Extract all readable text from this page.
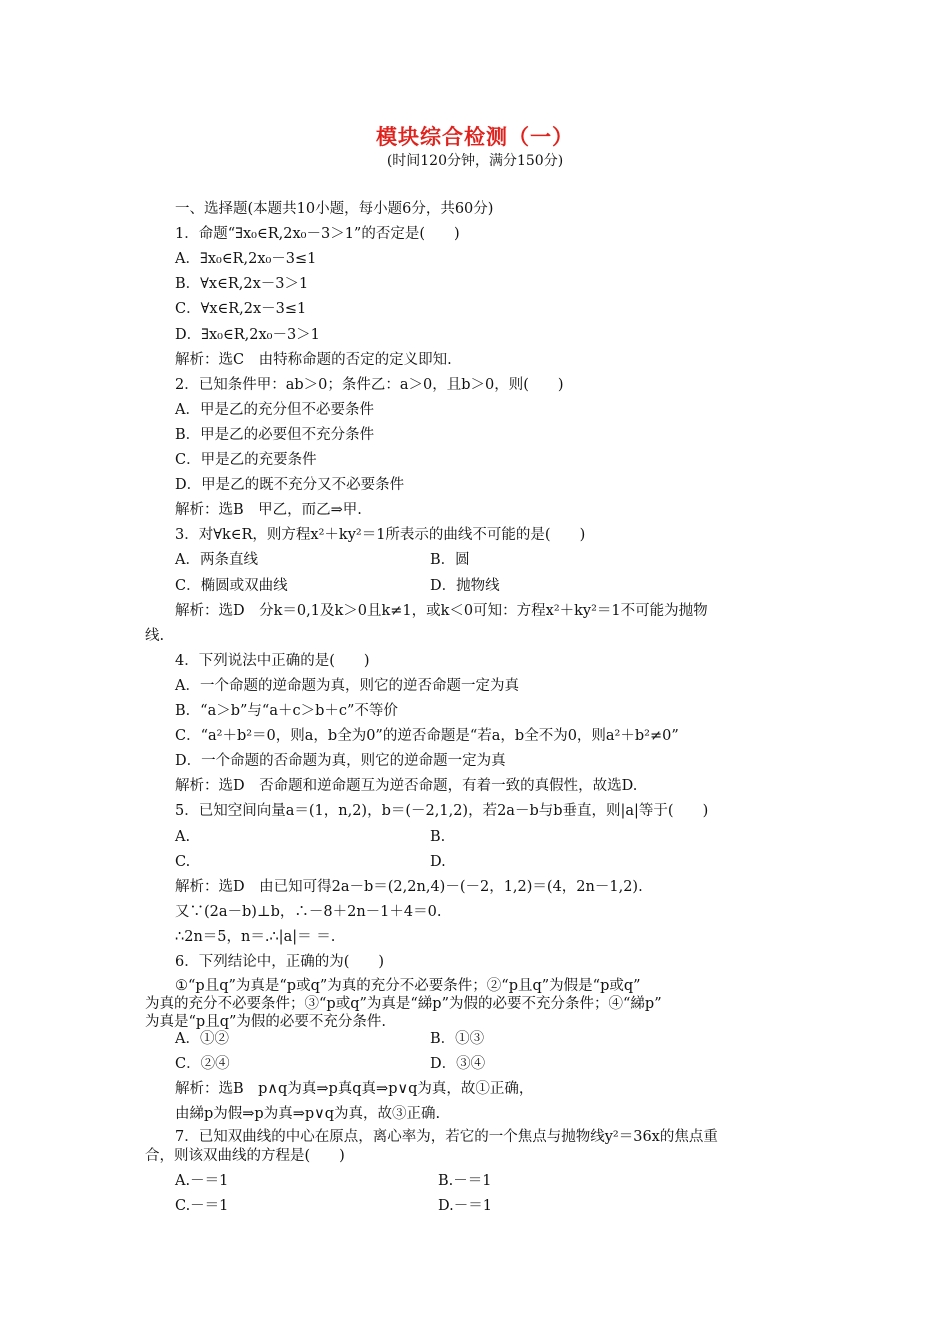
模块综合检测（一）
(时间120分钟，满分150分)
一、选择题(本题共10小题，每小题6分，共60分)
1．命题“∃x₀∈R,2x₀－3＞1”的否定是(　　)
A．∃x₀∈R,2x₀－3≤1
B．∀x∈R,2x－3＞1
C．∀x∈R,2x－3≤1
D．∃x₀∈R,2x₀－3＞1
解析：选C　由特称命题的否定的定义即知.
2．已知条件甲：ab＞0；条件乙：a＞0，且b＞0，则(　　)
A．甲是乙的充分但不必要条件
B．甲是乙的必要但不充分条件
C．甲是乙的充要条件
D．甲是乙的既不充分又不必要条件
解析：选B　甲乙，而乙⇒甲.
3．对∀k∈R，则方程x²＋ky²＝1所表示的曲线不可能的是(　　)
A．两条直线	B．圆
C．椭圆或双曲线	D．抛物线
解析：选D　分k＝0,1及k＞0且k≠1，或k＜0可知：方程x²＋ky²＝1不可能为抛物
线.
4．下列说法中正确的是(　　)
A．一个命题的逆命题为真，则它的逆否命题一定为真
B．“a＞b”与“a＋c＞b＋c”不等价
C．“a²＋b²＝0，则a，b全为0”的逆否命题是“若a，b全不为0，则a²＋b²≠0”
D．一个命题的否命题为真，则它的逆命题一定为真
解析：选D　否命题和逆命题互为逆否命题，有着一致的真假性，故选D.
5．已知空间向量a＝(1，n,2)，b＝(－2,1,2)，若2a－b与b垂直，则|a|等于(　　)
A.	B.
C.	D.
解析：选D　由已知可得2a－b＝(2,2n,4)－(－2，1,2)＝(4，2n－1,2).
又∵(2a－b)⊥b，∴－8＋2n－1＋4＝0.
∴2n＝5，n＝.∴|a|＝ ＝.
6．下列结论中，正确的为(　　)
①“p且q”为真是“p或q”为真的充分不必要条件；②“p且q”为假是“p或q”
为真的充分不必要条件；③“p或q”为真是“綈p”为假的必要不充分条件；④“綈p”
为真是“p且q”为假的必要不充分条件.
A．①②	B．①③
C．②④	D．③④
解析：选B　p∧q为真⇒p真q真⇒p∨q为真，故①正确，
由綈p为假⇒p为真⇒p∨q为真，故③正确.
7．已知双曲线的中心在原点，离心率为，若它的一个焦点与抛物线y²＝36x的焦点重
合，则该双曲线的方程是(　　)
A.－＝1	B.－＝1
C.－＝1	D.－＝1
